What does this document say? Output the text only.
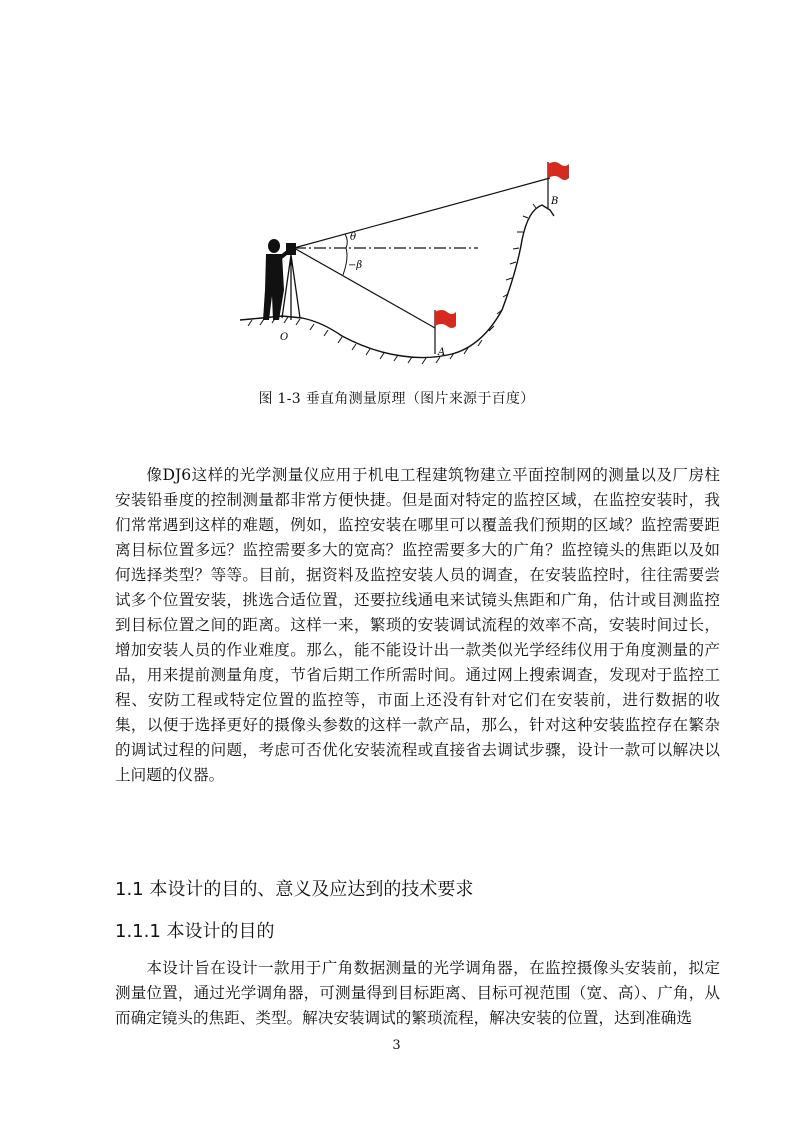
θ
−β
A
B
O
图 1-3 垂直角测量原理（图片来源于百度）

像DJ6这样的光学测量仪应用于机电工程建筑物建立平面控制网的测量以及厂房柱安装铅垂度的控制测量都非常方便快捷。但是面对特定的监控区域，在监控安装时，我们常常遇到这样的难题，例如，监控安装在哪里可以覆盖我们预期的区域？监控需要距离目标位置多远？监控需要多大的宽高？监控需要多大的广角？监控镜头的焦距以及如何选择类型？等等。目前，据资料及监控安装人员的调查，在安装监控时，往往需要尝试多个位置安装，挑选合适位置，还要拉线通电来试镜头焦距和广角，估计或目测监控到目标位置之间的距离。这样一来，繁琐的安装调试流程的效率不高，安装时间过长，增加安装人员的作业难度。那么，能不能设计出一款类似光学经纬仪用于角度测量的产品，用来提前测量角度，节省后期工作所需时间。通过网上搜索调查，发现对于监控工程、安防工程或特定位置的监控等，市面上还没有针对它们在安装前，进行数据的收集，以便于选择更好的摄像头参数的这样一款产品，那么，针对这种安装监控存在繁杂的调试过程的问题，考虑可否优化安装流程或直接省去调试步骤，设计一款可以解决以上问题的仪器。

1.1 本设计的目的、意义及应达到的技术要求
1.1.1 本设计的目的

本设计旨在设计一款用于广角数据测量的光学调角器，在监控摄像头安装前，拟定测量位置，通过光学调角器，可测量得到目标距离、目标可视范围（宽、高）、广角，从而确定镜头的焦距、类型。解决安装调试的繁琐流程，解决安装的位置，达到准确选

3
